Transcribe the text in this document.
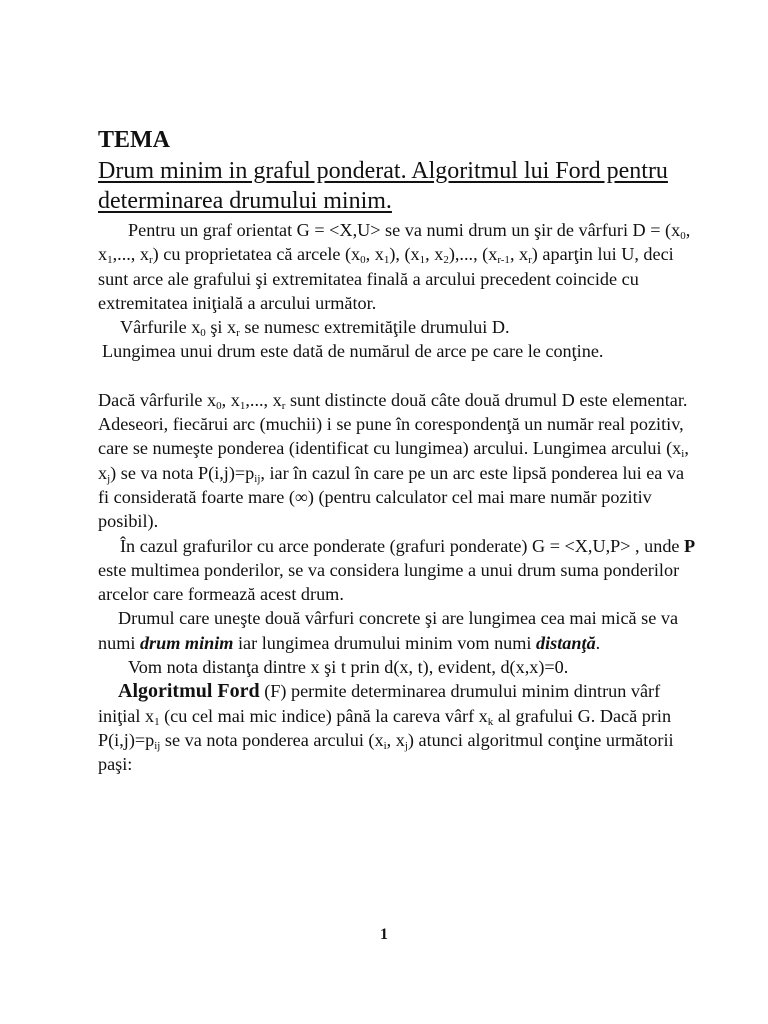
TEMA
Drum minim in graful ponderat. Algoritmul lui Ford pentru determinarea drumului minim.

Pentru un graf orientat G = <X,U> se va numi drum un şir de vârfuri $D = (x_0$, $x_1$,..., $x_r$) cu proprietatea că arcele ($x_0$, $x_1$), ($x_1$, $x_2$),..., ($x_{r-1}$, $x_r$) aparţin lui U, deci sunt arce ale grafului şi extremitatea finală a arcului precedent coincide cu extremitatea iniţială a arcului următor.

Vârfurile $x_0$ şi $x_r$ se numesc extremităţile drumului D.

Lungimea unui drum este dată de numărul de arce pe care le conţine.

Dacă vârfurile $x_0$, $x_1$,..., $x_r$ sunt distincte două câte două drumul D este elementar. Adeseori, fiecărui arc (muchii) i se pune în corespondenţă un număr real pozitiv, care se numeşte ponderea (identificat cu lungimea) arcului. Lungimea arcului ($x_i$, $x_j$) se va nota $P(i,j)=p_{ij}$, iar în cazul în care pe un arc este lipsă ponderea lui ea va fi considerată foarte mare (∞) (pentru calculator cel mai mare număr pozitiv posibil).

În cazul grafurilor cu arce ponderate (grafuri ponderate) G = <X,U,P> , unde P este multimea ponderilor, se va considera lungime a unui drum suma ponderilor arcelor care formează acest drum.

Drumul care uneşte două vârfuri concrete şi are lungimea cea mai mică se va numi drum minim iar lungimea drumului minim vom numi distanţă.

Vom nota distanţa dintre x şi t prin d(x, t), evident, d(x,x)=0.

Algoritmul Ford (F) permite determinarea drumului minim dintrun vârf iniţial $x_1$ (cu cel mai mic indice) până la careva vârf $x_k$ al grafului G. Dacă prin $P(i,j)=p_{ij}$ se va nota ponderea arcului ($x_i$, $x_j$) atunci algoritmul conţine următorii paşi:

1
